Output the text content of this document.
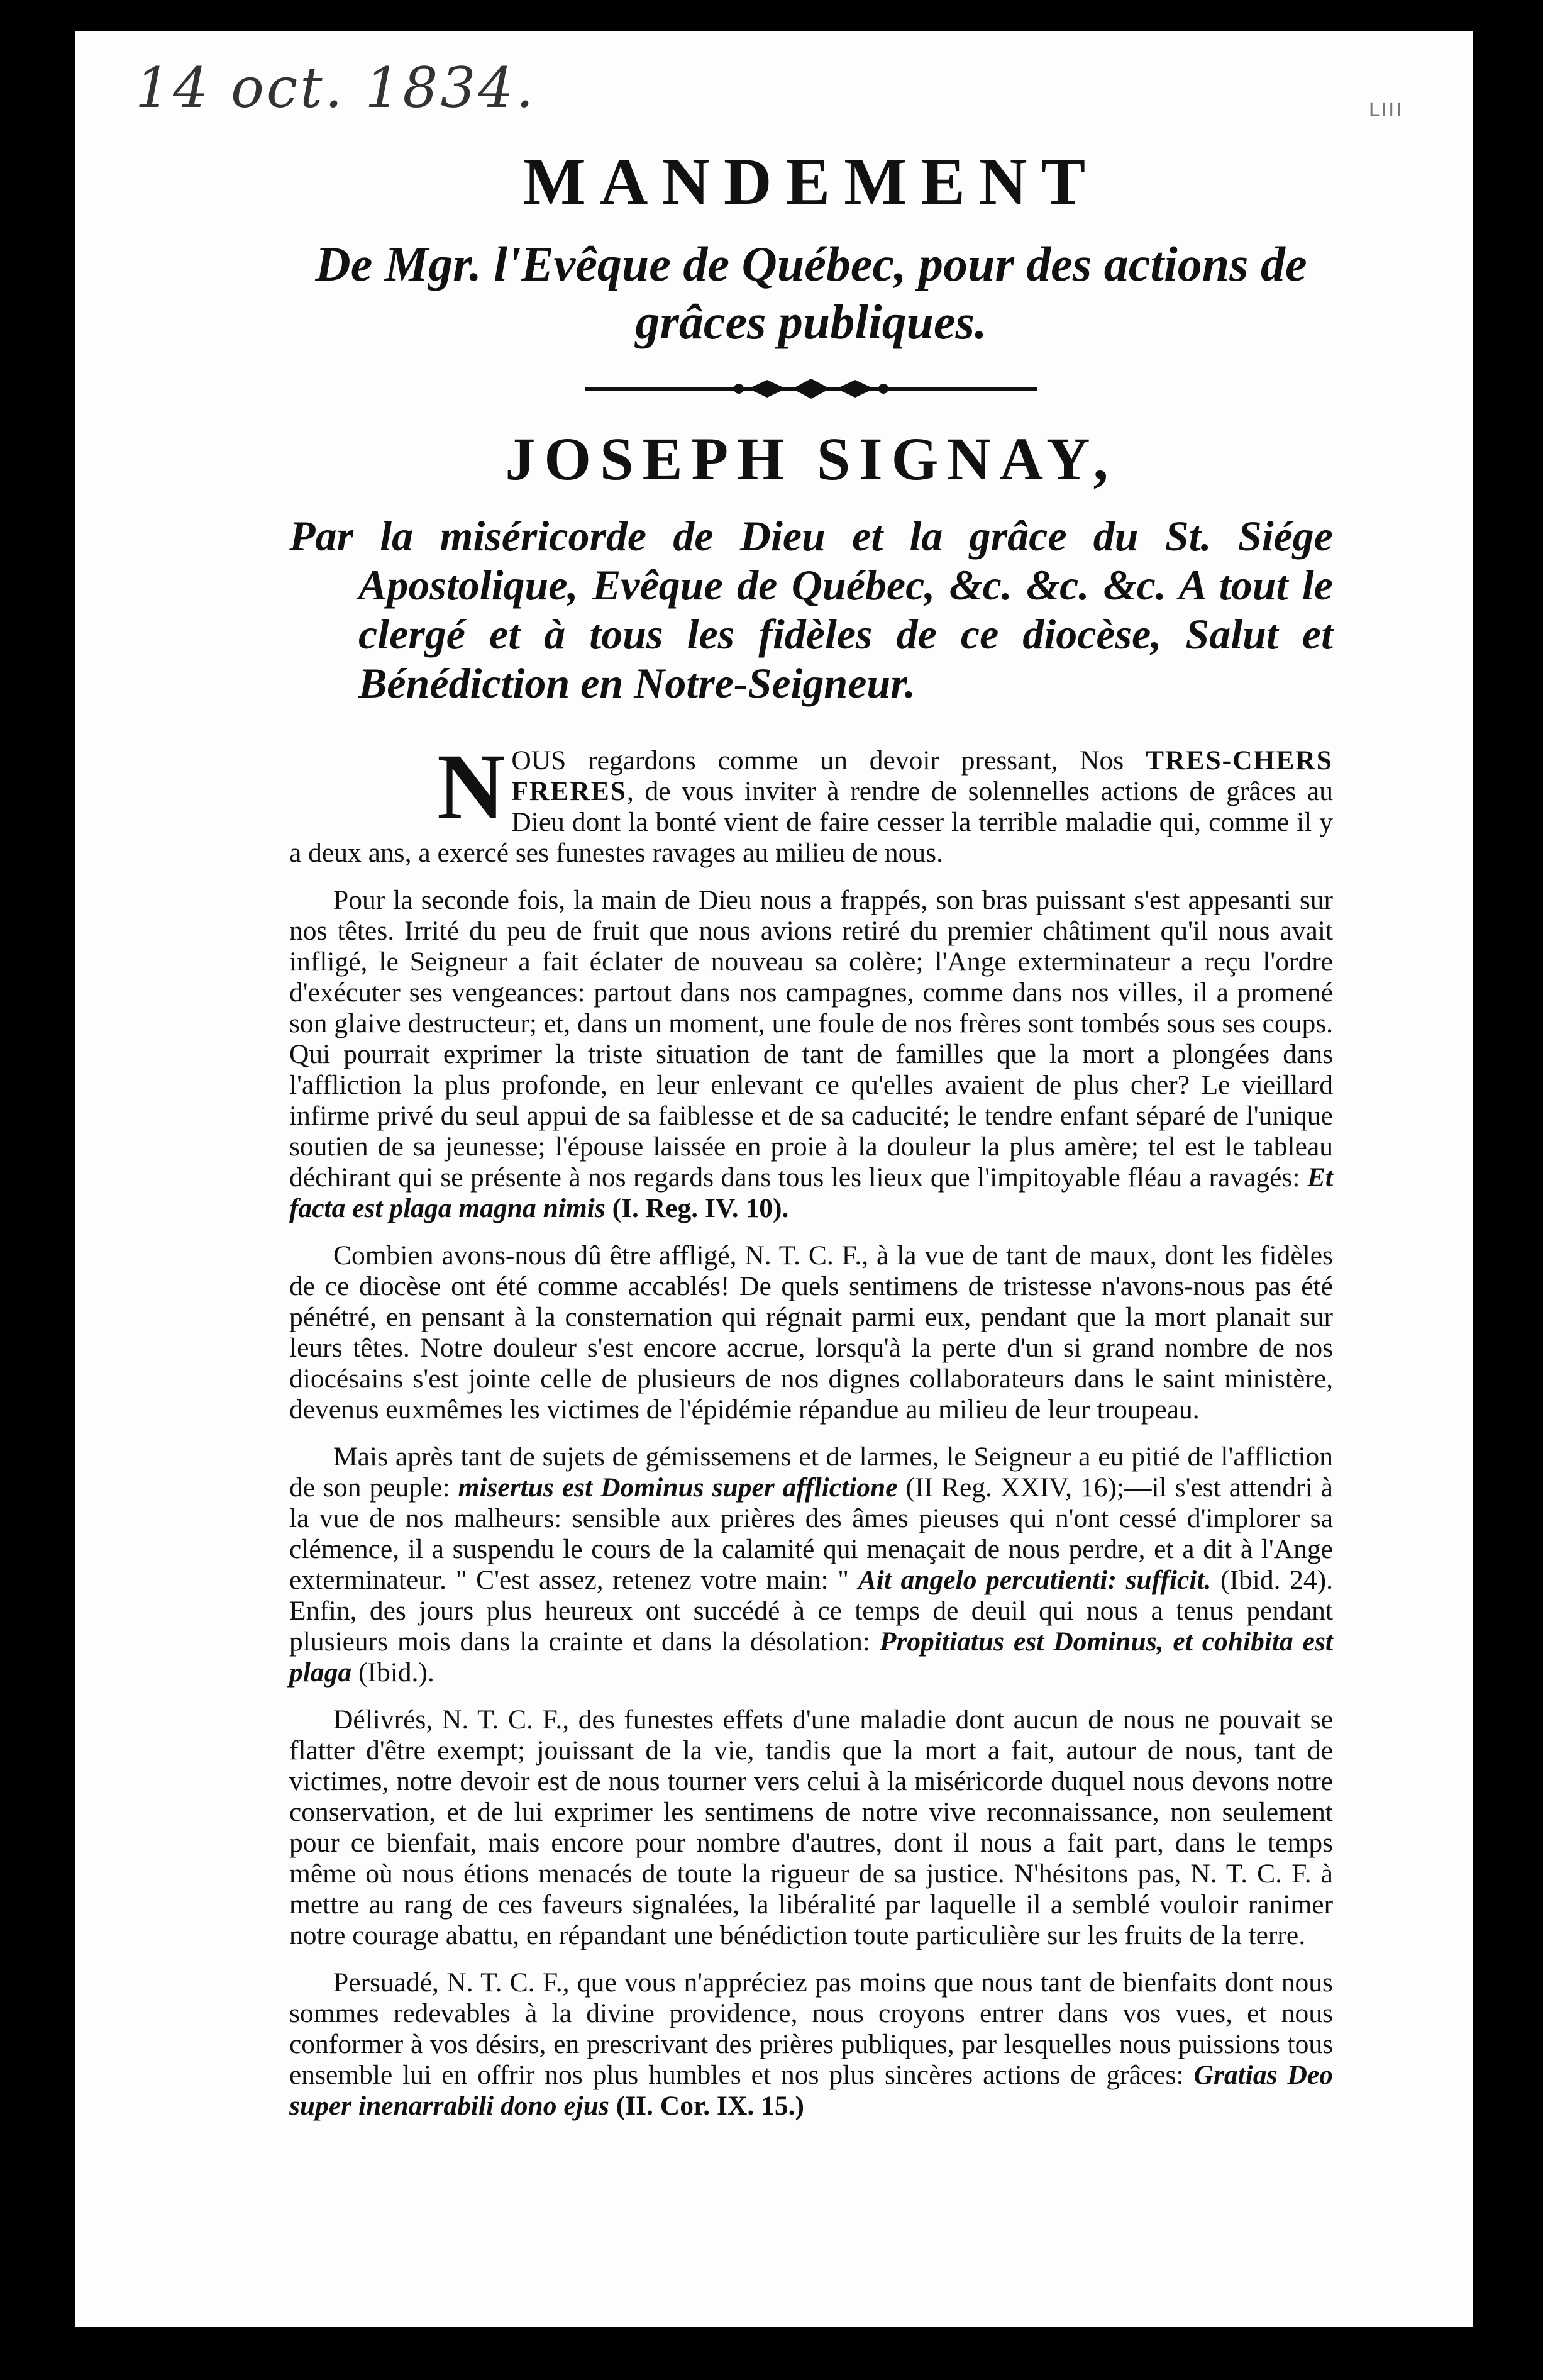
14 oct. 1834.	LIII
MANDEMENT

De Mgr. l'Evêque de Québec, pour des actions de grâces publiques.

JOSEPH SIGNAY,

Par la miséricorde de Dieu et la grâce du St. Siége Apostolique, Evêque de Québec, &c. &c. &c. A tout le clergé et à tous les fidèles de ce diocèse, Salut et Bénédiction en Notre-Seigneur.

NOUS regardons comme un devoir pressant, Nos TRES-CHERS FRERES, de vous inviter à rendre de solennelles actions de grâces au Dieu dont la bonté vient de faire cesser la terrible maladie qui, comme il y a deux ans, a exercé ses funestes ravages au milieu de nous.

Pour la seconde fois, la main de Dieu nous a frappés, son bras puissant s'est appesanti sur nos têtes. Irrité du peu de fruit que nous avions retiré du premier châtiment qu'il nous avait infligé, le Seigneur a fait éclater de nouveau sa colère; l'Ange exterminateur a reçu l'ordre d'exécuter ses vengeances: partout dans nos campagnes, comme dans nos villes, il a promené son glaive destructeur; et, dans un moment, une foule de nos frères sont tombés sous ses coups. Qui pourrait exprimer la triste situation de tant de familles que la mort a plongées dans l'affliction la plus profonde, en leur enlevant ce qu'elles avaient de plus cher? Le vieillard infirme privé du seul appui de sa faiblesse et de sa caducité; le tendre enfant séparé de l'unique soutien de sa jeunesse; l'épouse laissée en proie à la douleur la plus amère; tel est le tableau déchirant qui se présente à nos regards dans tous les lieux que l'impitoyable fléau a ravagés: Et facta est plaga magna nimis (I. Reg. IV. 10).

Combien avons-nous dû être affligé, N. T. C. F., à la vue de tant de maux, dont les fidèles de ce diocèse ont été comme accablés! De quels sentimens de tristesse n'avons-nous pas été pénétré, en pensant à la consternation qui régnait parmi eux, pendant que la mort planait sur leurs têtes. Notre douleur s'est encore accrue, lorsqu'à la perte d'un si grand nombre de nos diocésains s'est jointe celle de plusieurs de nos dignes collaborateurs dans le saint ministère, devenus euxmêmes les victimes de l'épidémie répandue au milieu de leur troupeau.

Mais après tant de sujets de gémissemens et de larmes, le Seigneur a eu pitié de l'affliction de son peuple: misertus est Dominus super afflictione (II Reg. XXIV, 16);—il s'est attendri à la vue de nos malheurs: sensible aux prières des âmes pieuses qui n'ont cessé d'implorer sa clémence, il a suspendu le cours de la calamité qui menaçait de nous perdre, et a dit à l'Ange exterminateur. " C'est assez, retenez votre main: " Ait angelo percutienti: sufficit. (Ibid. 24). Enfin, des jours plus heureux ont succédé à ce temps de deuil qui nous a tenus pendant plusieurs mois dans la crainte et dans la désolation: Propitiatus est Dominus, et cohibita est plaga (Ibid.).

Délivrés, N. T. C. F., des funestes effets d'une maladie dont aucun de nous ne pouvait se flatter d'être exempt; jouissant de la vie, tandis que la mort a fait, autour de nous, tant de victimes, notre devoir est de nous tourner vers celui à la miséricorde duquel nous devons notre conservation, et de lui exprimer les sentimens de notre vive reconnaissance, non seulement pour ce bienfait, mais encore pour nombre d'autres, dont il nous a fait part, dans le temps même où nous étions menacés de toute la rigueur de sa justice. N'hésitons pas, N. T. C. F. à mettre au rang de ces faveurs signalées, la libéralité par laquelle il a semblé vouloir ranimer notre courage abattu, en répandant une bénédiction toute particulière sur les fruits de la terre.

Persuadé, N. T. C. F., que vous n'appréciez pas moins que nous tant de bienfaits dont nous sommes redevables à la divine providence, nous croyons entrer dans vos vues, et nous conformer à vos désirs, en prescrivant des prières publiques, par lesquelles nous puissions tous ensemble lui en offrir nos plus humbles et nos plus sincères actions de grâces: Gratias Deo super inenarrabili dono ejus (II. Cor. IX. 15.)
